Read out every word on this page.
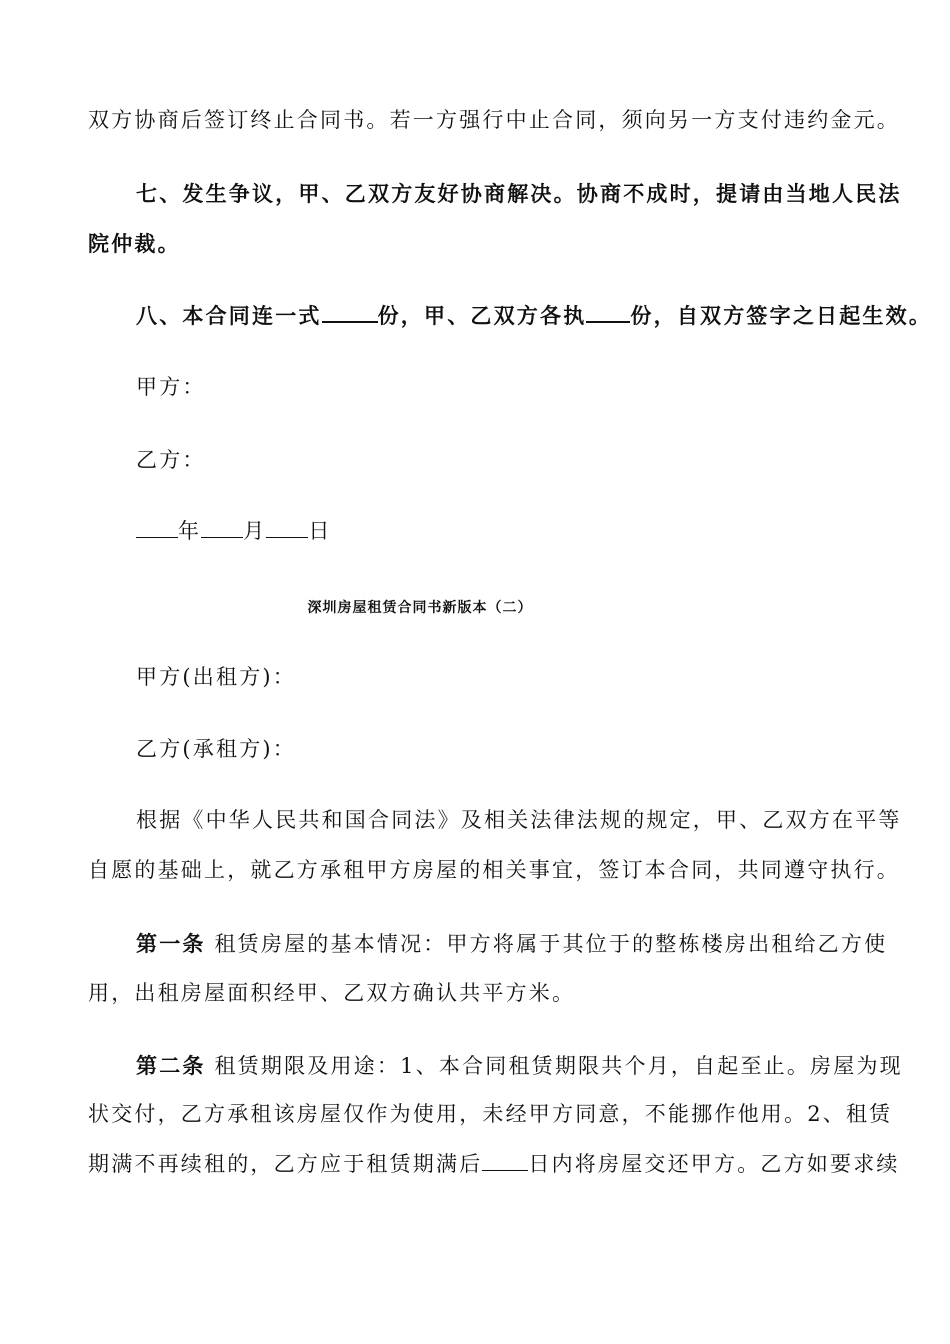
双方协商后签订终止合同书。若一方强行中止合同，须向另一方支付违约金元。
七、发生争议，甲、乙双方友好协商解决。协商不成时，提请由当地人民法
院仲裁。
八、本合同连一式	份，甲、乙双方各执 份，自双方签字之日起生效。
甲方：
乙方：
年 月 日
深圳房屋租赁合同书新版本（二）
甲方(出租方)：
乙方(承租方)：
根据《中华人民共和国合同法》及相关法律法规的规定，甲、乙双方在平等
自愿的基础上，就乙方承租甲方房屋的相关事宜，签订本合同，共同遵守执行。
第一条 租赁房屋的基本情况：甲方将属于其位于的整栋楼房出租给乙方使
用，出租房屋面积经甲、乙双方确认共平方米。
第二条 租赁期限及用途：1、本合同租赁期限共个月，自起至止。房屋为现
状交付，乙方承租该房屋仅作为使用，未经甲方同意，不能挪作他用。2、租赁
期满不再续租的，乙方应于租赁期满后 日内将房屋交还甲方。乙方如要求续
